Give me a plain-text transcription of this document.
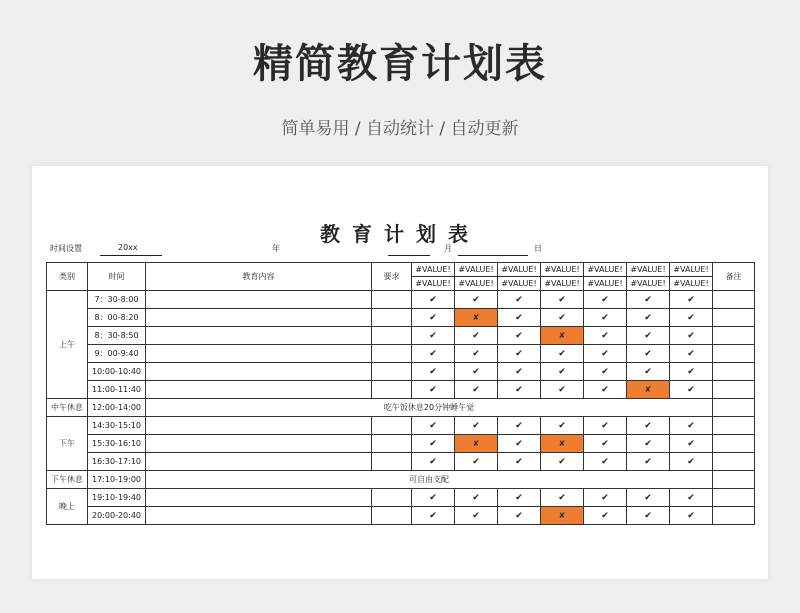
精简教育计划表
简单易用 / 自动统计 / 自动更新
教育计划表
时间设置	20xx	年	月	日
类别	时间	教育内容	要求	#VALUE!	#VALUE!	#VALUE!	#VALUE!	#VALUE!	#VALUE!	#VALUE!	备注
				#VALUE!	#VALUE!	#VALUE!	#VALUE!	#VALUE!	#VALUE!	#VALUE!	
上午	7：30-8:00			✔	✔	✔	✔	✔	✔	✔	
	8：00-8:20			✔	✘	✔	✔	✔	✔	✔	
	8：30-8:50			✔	✔	✔	✘	✔	✔	✔	
	9：00-9:40			✔	✔	✔	✔	✔	✔	✔	
	10:00-10:40			✔	✔	✔	✔	✔	✔	✔	
	11:00-11:40			✔	✔	✔	✔	✔	✘	✔	
中午休息	12:00-14:00	吃午饭休息20分钟睡午觉									
下午	14:30-15:10			✔	✔	✔	✔	✔	✔	✔	
	15:30-16:10			✔	✘	✔	✘	✔	✔	✔	
	16:30-17:10			✔	✔	✔	✔	✔	✔	✔	
下午休息	17:10-19:00	可自由支配									
晚上	19:10-19:40			✔	✔	✔	✔	✔	✔	✔	
	20:00-20:40			✔	✔	✔	✘	✔	✔	✔	
